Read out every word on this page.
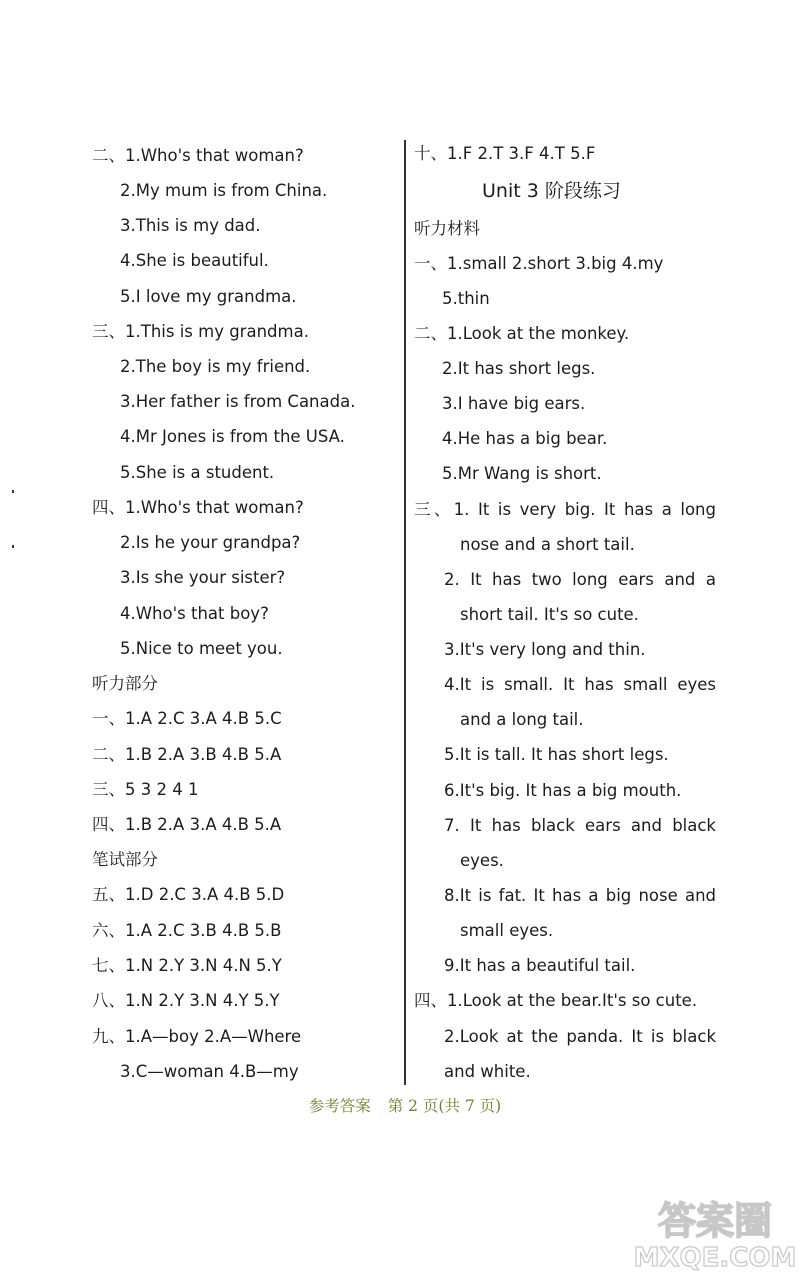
二、1.Who's that woman?
2.My mum is from China.
3.This is my dad.
4.She is beautiful.
5.I love my grandma.
三、1.This is my grandma.
2.The boy is my friend.
3.Her father is from Canada.
4.Mr Jones is from the USA.
5.She is a student.
四、1.Who's that woman?
2.Is he your grandpa?
3.Is she your sister?
4.Who's that boy?
5.Nice to meet you.
听力部分
一、1.A 2.C 3.A 4.B 5.C
二、1.B 2.A 3.B 4.B 5.A
三、5 3 2 4 1
四、1.B 2.A 3.A 4.B 5.A
笔试部分
五、1.D 2.C 3.A 4.B 5.D
六、1.A 2.C 3.B 4.B 5.B
七、1.N 2.Y 3.N 4.N 5.Y
八、1.N 2.Y 3.N 4.Y 5.Y
九、1.A—boy 2.A—Where
3.C—woman 4.B—my
十、1.F 2.T 3.F 4.T 5.F
听力材料
一、1.small 2.short 3.big 4.my
5.thin
二、1.Look at the monkey.
2.It has short legs.
3.I have big ears.
4.He has a big bear.
5.Mr Wang is short.
三、1. It is very big. It has a long
nose and a short tail.
2. It has two long ears and a
short tail. It's so cute.
3.It's very long and thin.
4.It is small. It has small eyes
and a long tail.
5.It is tall. It has short legs.
6.It's big. It has a big mouth.
7. It has black ears and black
eyes.
8.It is fat. It has a big nose and
small eyes.
9.It has a beautiful tail.
四、1.Look at the bear.It's so cute.
2.Look at the panda. It is black
and white.
Unit 3 阶段练习
参考答案 第 2 页(共 7 页)
答案圈
MXQE.COM
